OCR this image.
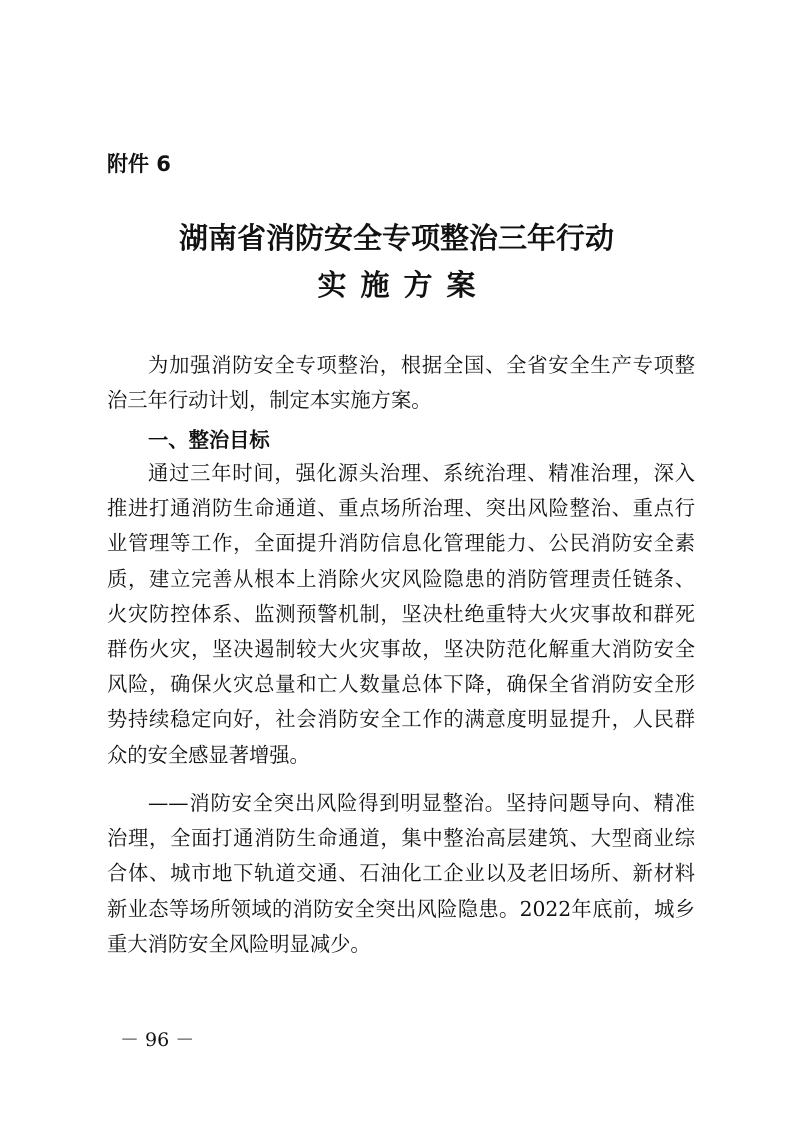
附件 6
湖南省消防安全专项整治三年行动
实施方案
为加强消防安全专项整治，根据全国、全省安全生产专项整
治三年行动计划，制定本实施方案。
一、整治目标
通过三年时间，强化源头治理、系统治理、精准治理，深入
推进打通消防生命通道、重点场所治理、突出风险整治、重点行
业管理等工作，全面提升消防信息化管理能力、公民消防安全素
质，建立完善从根本上消除火灾风险隐患的消防管理责任链条、
火灾防控体系、监测预警机制，坚决杜绝重特大火灾事故和群死
群伤火灾，坚决遏制较大火灾事故，坚决防范化解重大消防安全
风险，确保火灾总量和亡人数量总体下降，确保全省消防安全形
势持续稳定向好，社会消防安全工作的满意度明显提升，人民群
众的安全感显著增强。
——消防安全突出风险得到明显整治。坚持问题导向、精准
治理，全面打通消防生命通道，集中整治高层建筑、大型商业综
合体、城市地下轨道交通、石油化工企业以及老旧场所、新材料
新业态等场所领域的消防安全突出风险隐患。2022年底前，城乡
重大消防安全风险明显减少。
－ 96 －
